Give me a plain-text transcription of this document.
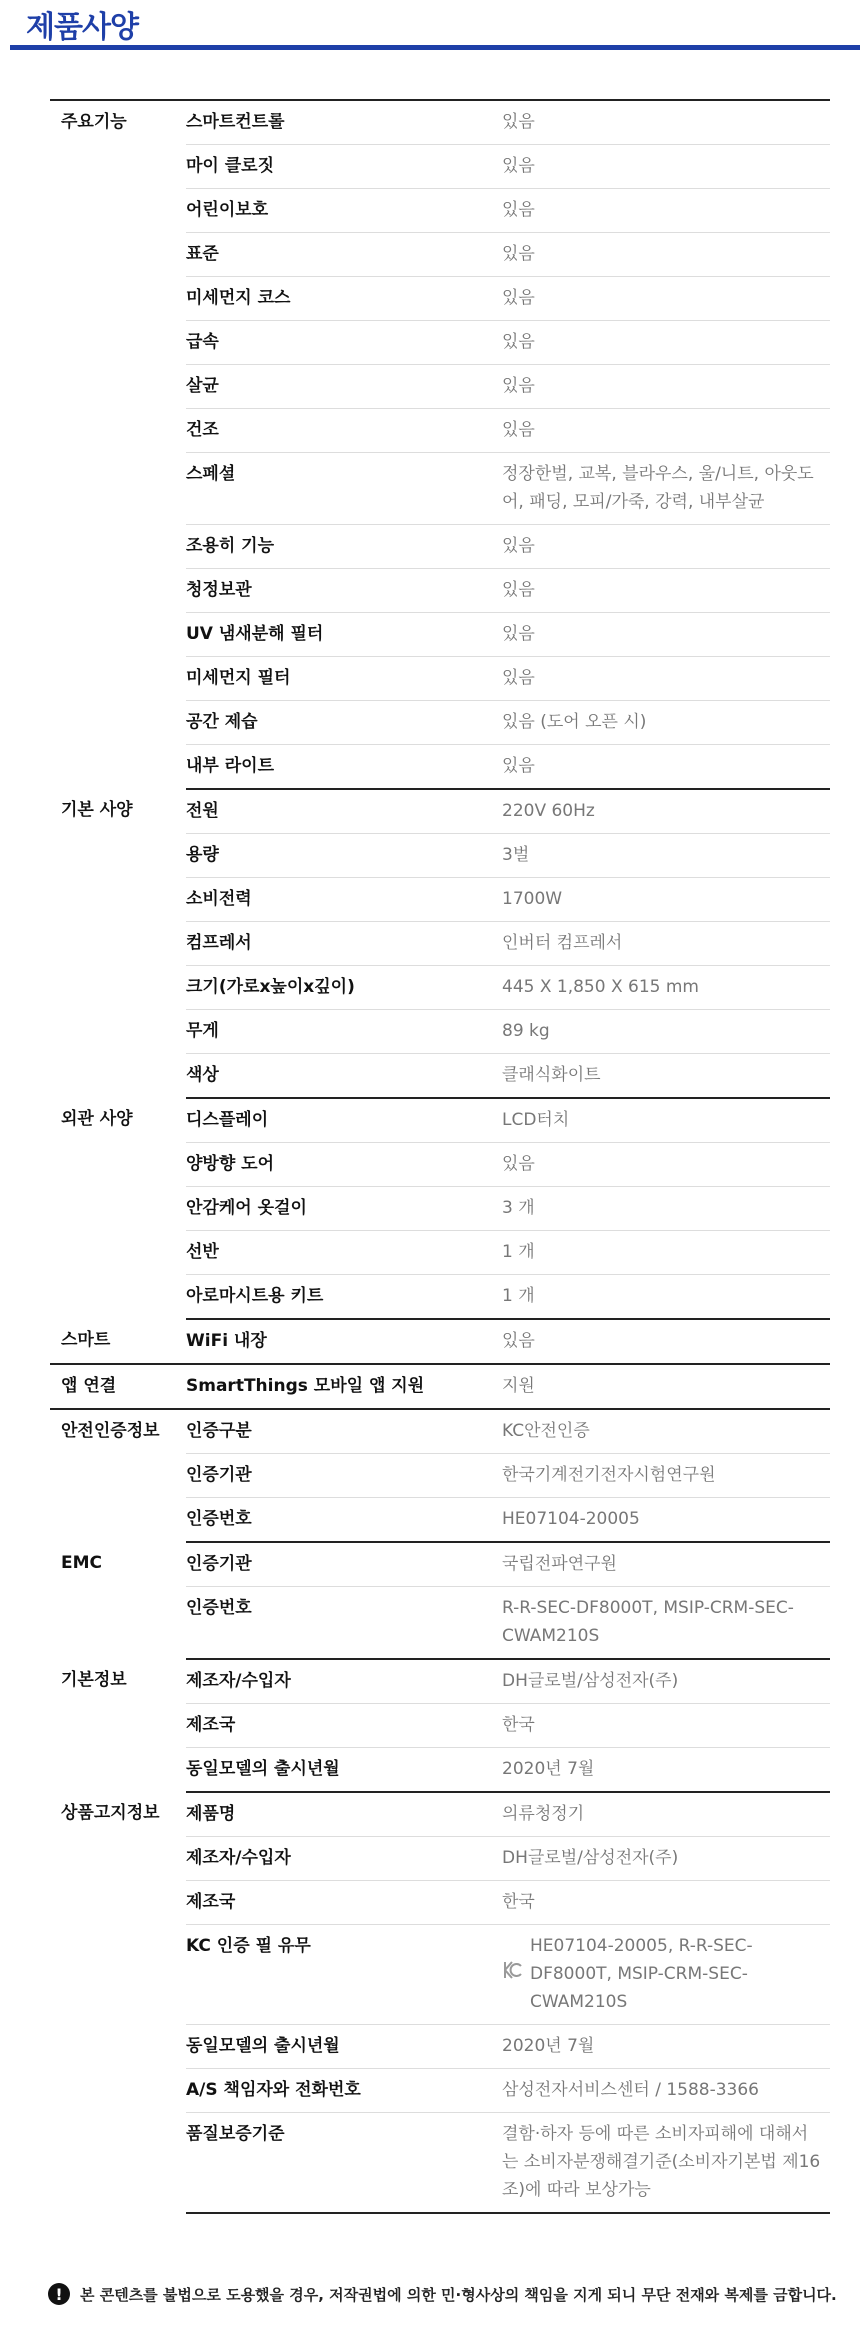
제품사양
주요기능	스마트컨트롤	있음
	마이 클로짓	있음
	어린이보호	있음
	표준	있음
	미세먼지 코스	있음
	급속	있음
	살균	있음
	건조	있음
	스페셜	정장한벌, 교복, 블라우스, 울/니트, 아웃도어, 패딩, 모피/가죽, 강력, 내부살균
	조용히 기능	있음
	청정보관	있음
	UV 냄새분해 필터	있음
	미세먼지 필터	있음
	공간 제습	있음 (도어 오픈 시)
	내부 라이트	있음
기본 사양	전원	220V 60Hz
	용량	3벌
	소비전력	1700W
	컴프레서	인버터 컴프레서
	크기(가로x높이x깊이)	445 X 1,850 X 615 mm
	무게	89 kg
	색상	클래식화이트
외관 사양	디스플레이	LCD터치
	양방향 도어	있음
	안감케어 옷걸이	3 개
	선반	1 개
	아로마시트용 키트	1 개
스마트	WiFi 내장	있음
앱 연결	SmartThings 모바일 앱 지원	지원
안전인증정보	인증구분	KC안전인증
	인증기관	한국기계전기전자시험연구원
	인증번호	HE07104-20005
EMC	인증기관	국립전파연구원
	인증번호	R-R-SEC-DF8000T, MSIP-CRM-SEC-CWAM210S
기본정보	제조자/수입자	DH글로벌/삼성전자(주)
	제조국	한국
	동일모델의 출시년월	2020년 7월
상품고지정보	제품명	의류청정기
	제조자/수입자	DH글로벌/삼성전자(주)
	제조국	한국
	KC 인증 필 유무	HE07104-20005, R-R-SEC-DF8000T, MSIP-CRM-SEC-CWAM210S

	동일모델의 출시년월	2020년 7월
	A/S 책임자와 전화번호	삼성전자서비스센터 / 1588-3366
	품질보증기준	결함·하자 등에 따른 소비자피해에 대해서는 소비자분쟁해결기준(소비자기본법 제16조)에 따라 보상가능
!	본 콘텐츠를 불법으로 도용했을 경우, 저작권법에 의한 민·형사상의 책임을 지게 되니 무단 전재와 복제를 금합니다.
